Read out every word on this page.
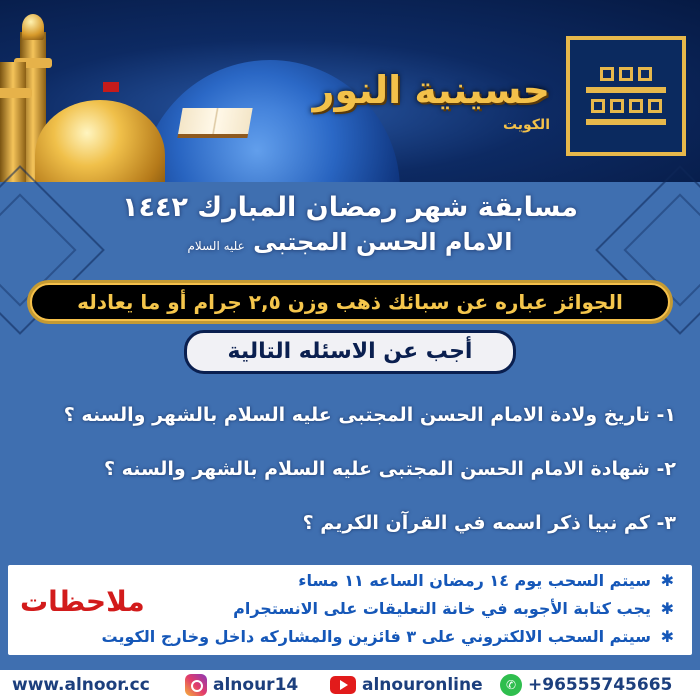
حسينية النور
الكويت
مسابقة شهر رمضان المبارك ١٤٤٢
الامام الحسن المجتبى عليه السلام
الجوائز عباره عن سبائك ذهب وزن ٢,٥ جرام أو ما يعادله
أجب عن الاسئله التالية
١- تاريخ ولادة الامام الحسن المجتبى عليه السلام بالشهر والسنه ؟
٢- شهادة الامام الحسن المجتبى عليه السلام بالشهر والسنه ؟
٣- كم نبيا ذكر اسمه في القرآن الكريم ؟
ملاحظات
✱ سيتم السحب يوم ١٤ رمضان الساعه ١١ مساء
✱ يجب كتابة الأجوبه في خانة التعليقات على الانستجرام
✱ سيتم السحب الالكتروني على ٣ فائزين والمشاركه داخل وخارج الكويت
www.alnoor.cc	alnour14	alnouronline	✆ +96555745665
